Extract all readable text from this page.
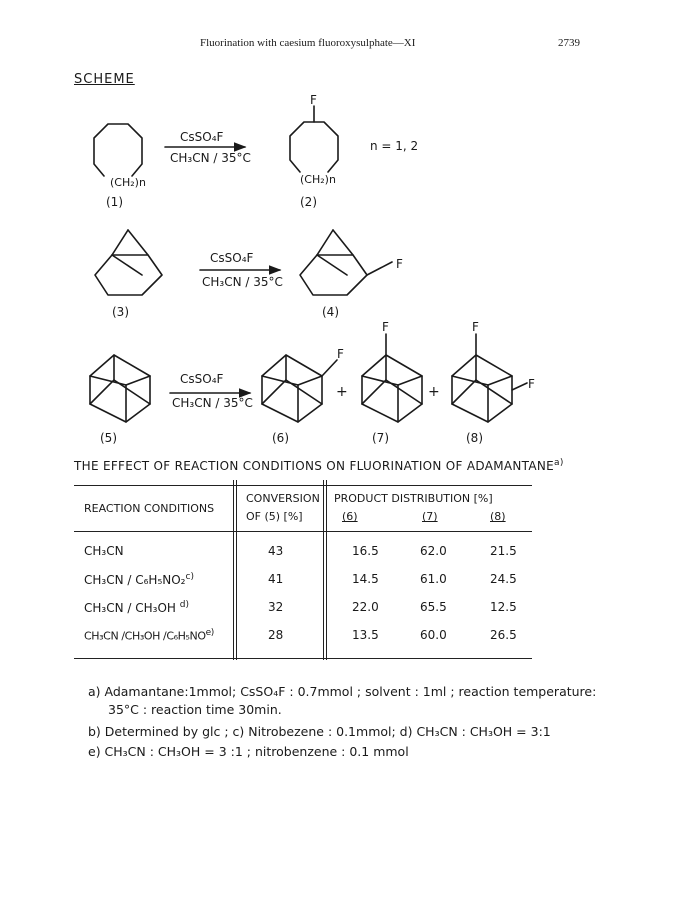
Fluorination with caesium fluoroxysulphate—XI	2739
SCHEME
(CH₂)n
CsSO₄F
CH₃CN / 35°C
F
(CH₂)n
n = 1, 2
(1)	(2)
CsSO₄F
CH₃CN / 35°C
F
(3)	(4)
CsSO₄F
CH₃CN / 35°C
F
F	F
F
+	+
(5)	(6)	(7)	(8)
THE EFFECT OF REACTION CONDITIONS ON FLUORINATION OF ADAMANTANE$^{a)}$
REACTION CONDITIONS
CONVERSION
OF (5) [%]
PRODUCT DISTRIBUTION [%]
(6)	(7)	(8)
CH₃CN	43	16.5	62.0	21.5
CH₃CN / C₆H₅NO₂$^{c)}$	41	14.5	61.0	24.5
CH₃CN / CH₃OH $^{d)}$	32	22.0	65.5	12.5
CH₃CN /CH₃OH /C₆H₅NO$^{e)}$	28	13.5	60.0	26.5
a) Adamantane:1mmol; CsSO₄F : 0.7mmol ; solvent : 1ml ; reaction temperature:
35°C : reaction time 30min.
b) Determined by glc ; c) Nitrobezene : 0.1mmol; d) CH₃CN : CH₃OH = 3:1
e) CH₃CN : CH₃OH = 3 :1 ; nitrobenzene : 0.1 mmol
